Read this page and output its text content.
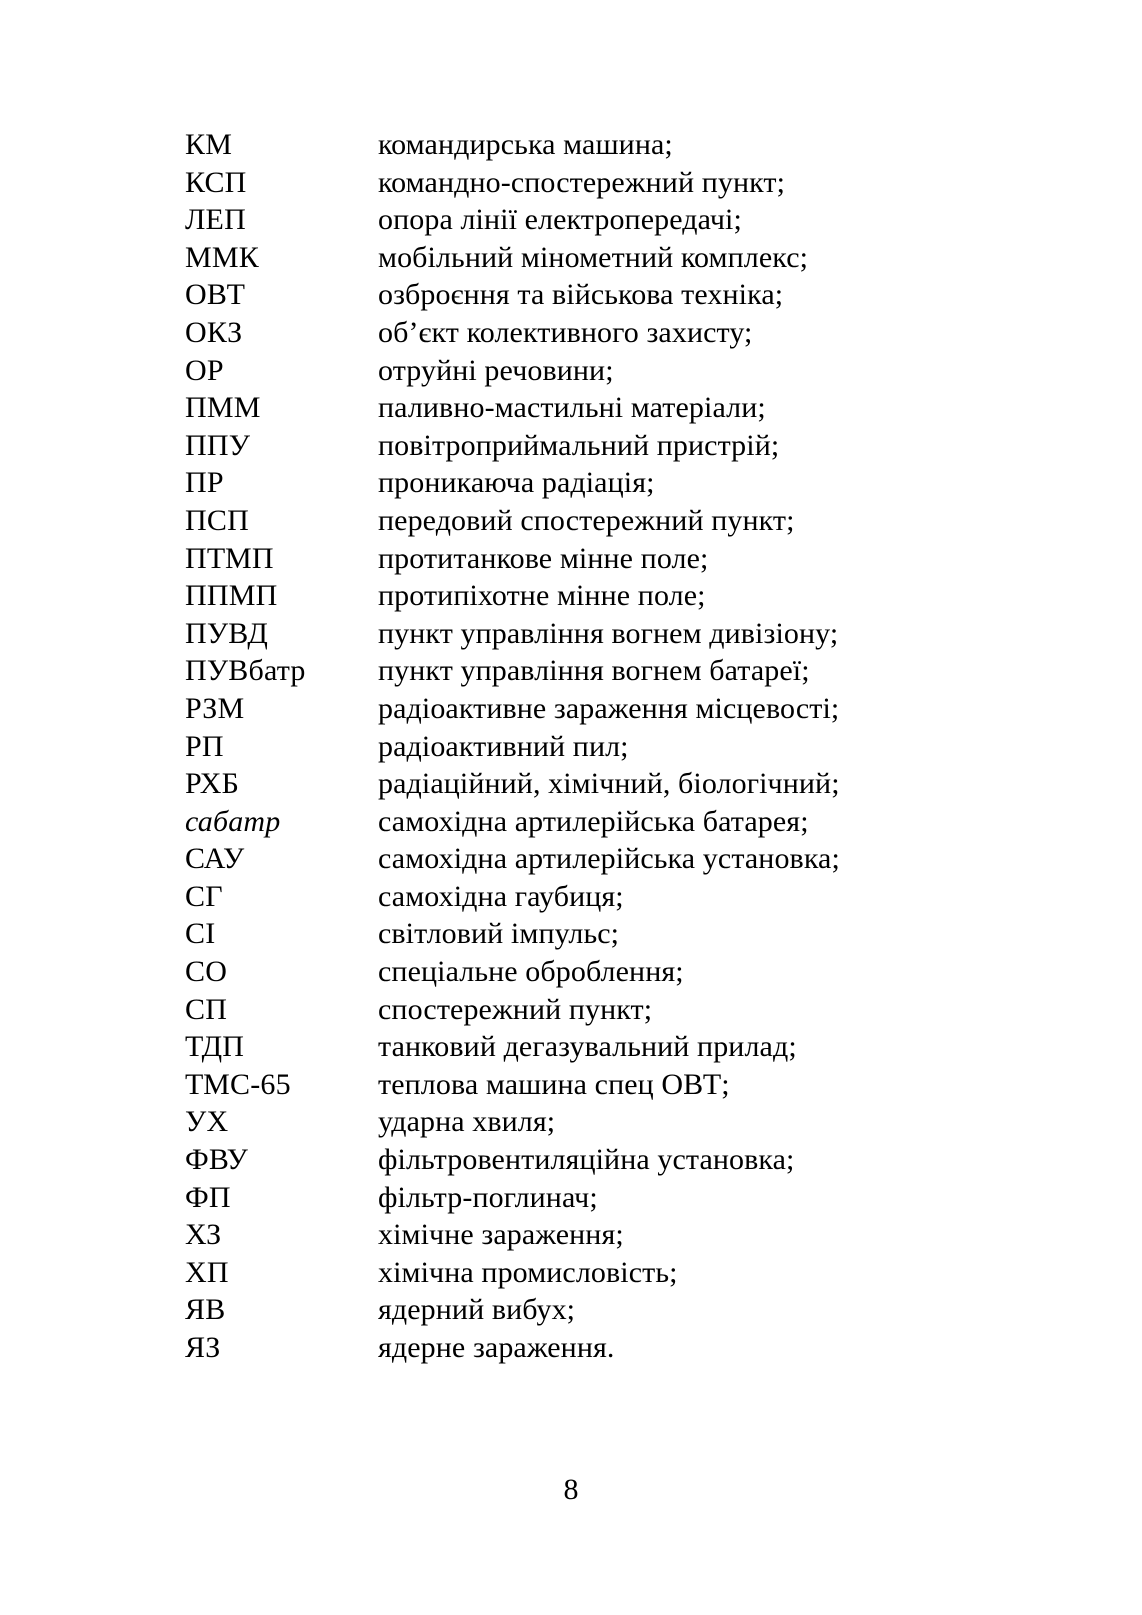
КМ	командирська машина;
КСП	командно-спостережний пункт;
ЛЕП	опора лінії електропередачі;
ММК	мобільний мінометний комплекс;
ОВТ	озброєння та військова техніка;
ОКЗ	об’єкт колективного захисту;
ОР	отруйні речовини;
ПММ	паливно-мастильні матеріали;
ППУ	повітроприймальний пристрій;
ПР	проникаюча радіація;
ПСП	передовий спостережний пункт;
ПТМП	протитанкове мінне поле;
ППМП	протипіхотне мінне поле;
ПУВД	пункт управління вогнем дивізіону;
ПУВбатр	пункт управління вогнем батареї;
РЗМ	радіоактивне зараження місцевості;
РП	радіоактивний пил;
РХБ	радіаційний, хімічний, біологічний;
сабатр	самохідна артилерійська батарея;
САУ	самохідна артилерійська установка;
СГ	самохідна гаубиця;
СІ	світловий імпульс;
СО	спеціальне оброблення;
СП	спостережний пункт;
ТДП	танковий дегазувальний прилад;
ТМС-65	теплова машина спец ОВТ;
УХ	ударна хвиля;
ФВУ	фільтровентиляційна установка;
ФП	фільтр-поглинач;
ХЗ	хімічне зараження;
ХП	хімічна промисловість;
ЯВ	ядерний вибух;
ЯЗ	ядерне зараження.
8
